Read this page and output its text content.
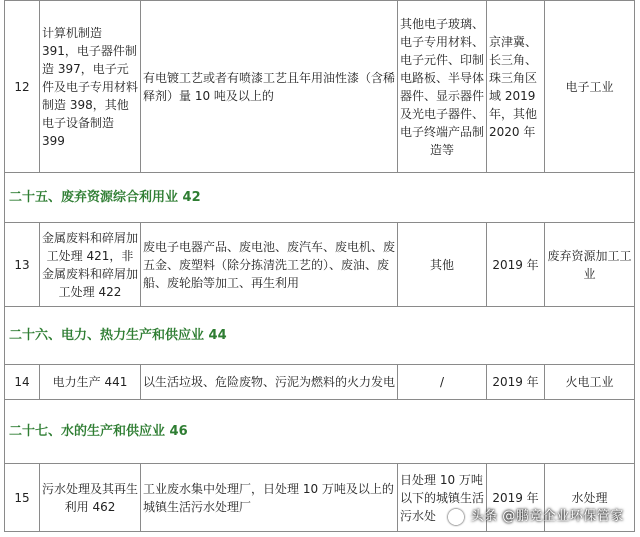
12	计算机制造 391，电子器件制造 397，电子元件及电子专用材料制造 398，其他电子设备制造 399	有电镀工艺或者有喷漆工艺且年用油性漆（含稀释剂）量 10 吨及以上的	其他电子玻璃、电子专用材料、电子元件、印制电路板、半导体器件、显示器件及光电子器件、电子终端产品制造等	京津冀、长三角、珠三角区域 2019 年，其他 2020 年	电子工业
二十五、废弃资源综合利用业 42					
13	金属废料和碎屑加工处理 421，非金属废料和碎屑加工处理 422	废电子电器产品、废电池、废汽车、废电机、废五金、废塑料（除分拣清洗工艺的）、废油、废船、废轮胎等加工、再生利用	其他	2019 年	废弃资源加工工业
二十六、电力、热力生产和供应业 44					
14	电力生产 441	以生活垃圾、危险废物、污泥为燃料的火力发电	/	2019 年	火电工业
二十七、水的生产和供应业 46					
15	污水处理及其再生利用 462	工业废水集中处理厂，日处理 10 万吨及以上的城镇生活污水处理厂	日处理 10 万吨以下的城镇生活污水处	2019 年	水处理
头条 @鹏竞企业环保管家
